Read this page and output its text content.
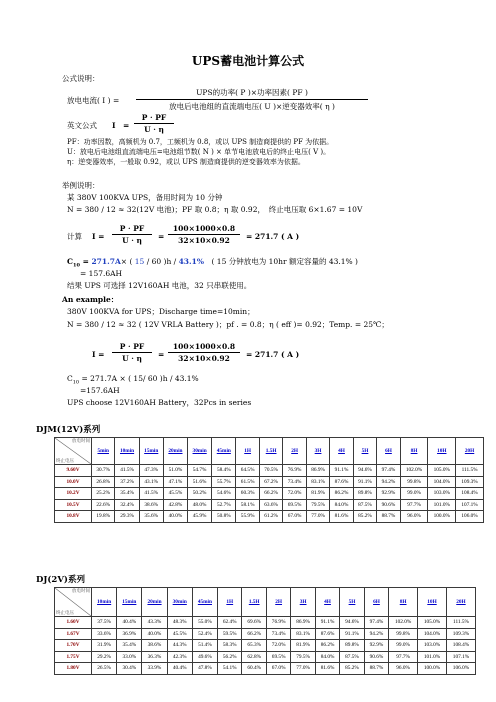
UPS蓄电池计算公式
公式说明：
放电电流( I ) =
UPS的功率( P )×功率因素( PF )
放电后电池组的直流端电压( U )×逆变器效率( η )
英文公式 I　= $\frac{P \cdot PF}{U \cdot \eta}$
PF：功率因数，高频机为 0.7，工频机为 0.8，或以 UPS 制造商提供的 PF 为依据。
U：放电后电池组直流端电压=电池组节数( N ) × 单节电池放电后的终止电压( V )。
η：逆变器效率，一般取 0.92，或以 UPS 制造商提供的逆变器效率为依据。
举例说明：
某 380V 100KVA UPS，备用时间为 10 分钟
N = 380 / 12 ≈ 32(12V 电池)；PF 取 0.8；η 取 0.92，　终止电压取 6×1.67 = 10V
计算 $I = \frac{P \cdot PF}{U \cdot \eta} = \frac{100\times 1000\times 0.8}{32\times 10\times 0.92} = 271.7$ ( A )
$C_{10} = 271.7A\times$ ( 15 / 60 )h / 43.1%　( 15 分钟放电为 10hr 额定容量的 43.1% )
= 157.6AH
结果 UPS 可选择 12V160AH 电池，32 只串联使用。
An example：
380V 100KVA for UPS；Discharge time=10min；
N = 380 / 12 ≈ 32 ( 12V VRLA Battery )；pf . = 0.8；η ( eff )= 0.92；Temp. = 25℃；
$I = \frac{P \cdot PF}{U \cdot \eta} = \frac{100\times 1000\times 0.8}{32\times 10\times 0.92} = 271.7$ ( A )
$C_{10} = 271.7A$ × ( 15/ 60 )h / 43.1%
=157.6AH
UPS choose 12V160AH Battery，32Pcs in series
DJM(12V)系列
放电时间
终止电压	5min	10min	15min	20min	30min	45min	1H	1.5H	2H	3H	4H	5H	6H	8H	10H	20H
9.60V	30.7%	41.5%	47.3%	51.0%	54.7%	58.4%	64.5%	70.5%	76.9%	86.9%	91.1%	94.6%	97.4%	102.0%	105.0%	111.5%
10.0V	26.8%	37.2%	43.1%	47.1%	51.6%	55.7%	61.5%	67.2%	73.4%	83.1%	87.6%	91.1%	94.2%	99.8%	104.0%	109.3%
10.2V	25.2%	35.4%	41.5%	45.5%	50.2%	54.6%	60.3%	66.2%	72.0%	81.9%	86.2%	89.8%	92.9%	99.0%	103.0%	108.4%
10.5V	22.6%	32.4%	38.6%	42.8%	48.0%	52.7%	58.1%	63.6%	69.5%	79.5%	84.0%	87.5%	90.6%	97.7%	101.0%	107.1%
10.8V	19.8%	29.3%	35.6%	40.0%	45.9%	50.8%	55.9%	61.2%	67.0%	77.0%	81.6%	85.2%	88.7%	96.0%	100.0%	106.0%
DJ(2V)系列
放电时间
终止电压	10min	15min	20min	30min	45min	1H	1.5H	2H	3H	4H	5H	6H	8H	10H	20H
1.60V	37.5%	40.4%	43.3%	48.3%	55.0%	62.4%	69.6%	76.9%	86.9%	91.1%	94.6%	97.4%	102.0%	105.0%	111.5%
1.67V	33.6%	36.9%	40.0%	45.5%	52.4%	59.5%	66.2%	73.4%	83.1%	87.6%	91.1%	94.2%	99.8%	104.0%	109.3%
1.70V	31.9%	35.4%	38.6%	44.3%	51.4%	58.3%	65.3%	72.0%	81.9%	86.2%	89.8%	92.9%	99.0%	103.0%	108.4%
1.75V	29.2%	33.0%	36.3%	42.3%	49.6%	56.2%	62.8%	69.5%	79.5%	84.0%	87.5%	90.6%	97.7%	101.0%	107.1%
1.80V	26.5%	30.4%	33.9%	40.4%	47.8%	54.1%	60.4%	67.0%	77.0%	81.6%	85.2%	88.7%	96.0%	100.0%	106.0%
